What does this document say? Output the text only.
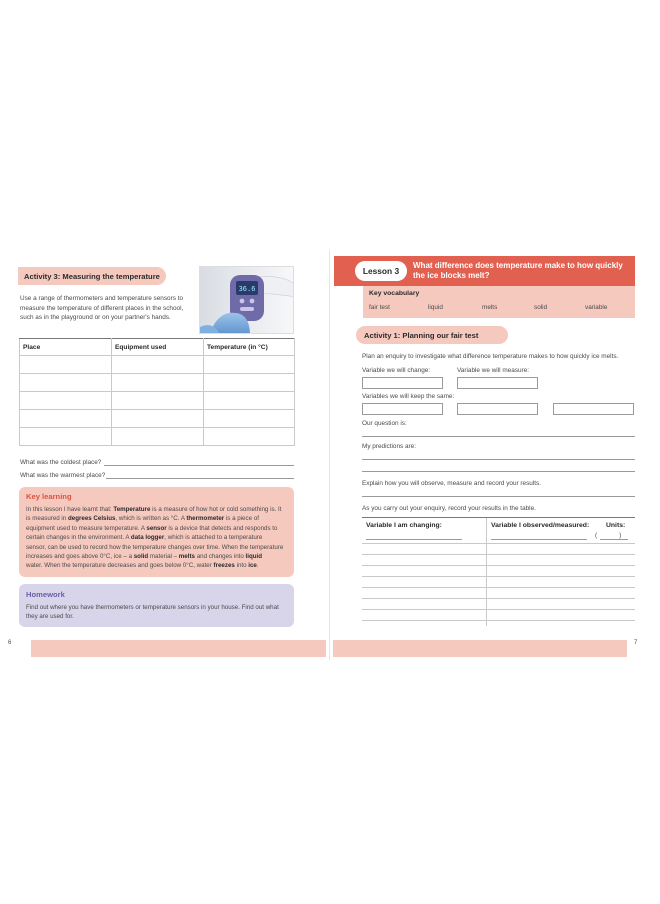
Activity 3: Measuring the temperature
Use a range of thermometers and temperature sensors to
measure the temperature of different places in the school,
such as in the playground or on your partner's hands.
36.6
Place	Equipment used	Temperature (in °C)

What was the coldest place?
What was the warmest place?
Key learning
In this lesson I have learnt that: Temperature is a measure of how hot or cold something is. It
is measured in degrees Celsius, which is written as °C. A thermometer is a piece of
equipment used to measure temperature. A sensor is a device that detects and responds to
certain changes in the environment. A data logger, which is attached to a temperature
sensor, can be used to record how the temperature changes over time. When the temperature
increases and goes above 0°C, ice – a solid material – melts and changes into liquid
water. When the temperature decreases and goes below 0°C, water freezes into ice.
Homework
Find out where you have thermometers or temperature sensors in your house. Find out what
they are used for.
6
Lesson 3
What difference does temperature make to how quickly
the ice blocks melt?
Key vocabulary
fair test	liquid	melts	solid	variable
Activity 1: Planning our fair test
Plan an enquiry to investigate what difference temperature makes to how quickly ice melts.
Variable we will change:	Variable we will measure:
Variables we will keep the same:
Our question is:
My predictions are:
Explain how you will observe, measure and record your results.
As you carry out your enquiry, record your results in the table.
Variable I am changing:	Variable I observed/measured: Units:
(            )
7
